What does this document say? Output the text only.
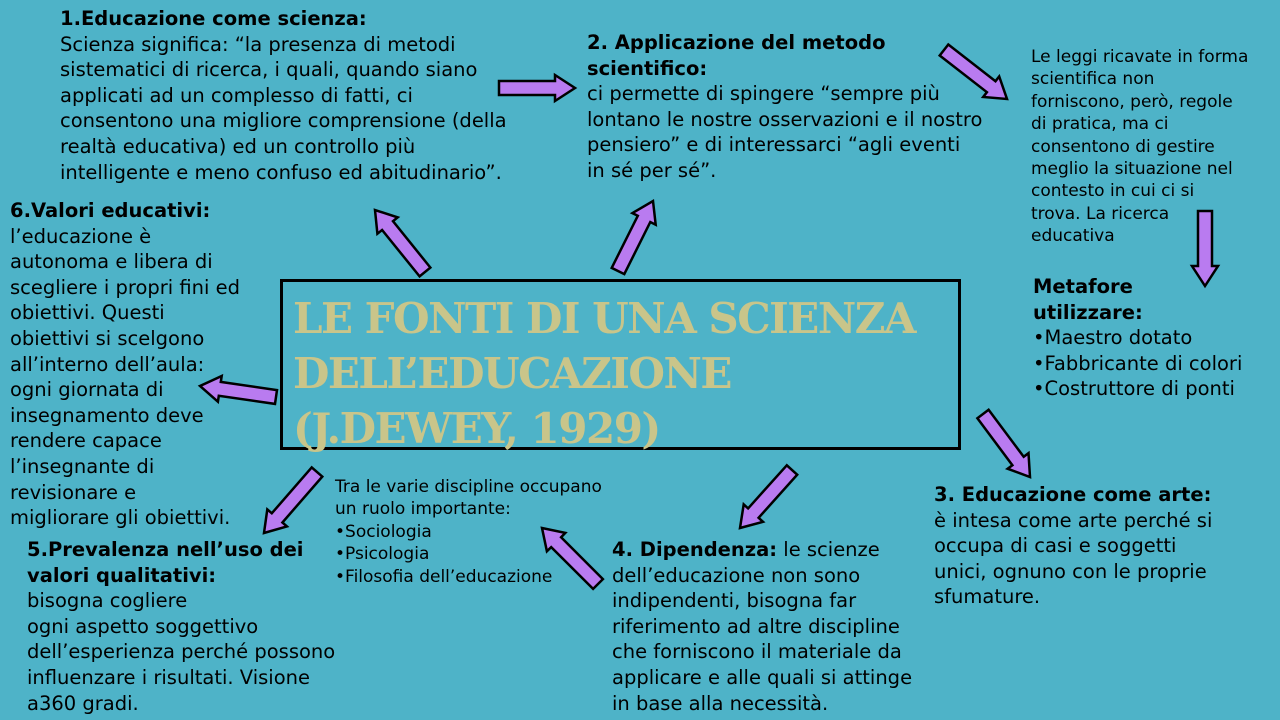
LE FONTI DI UNA SCIENZA
DELL’EDUCAZIONE
(J.DEWEY, 1929)
1.Educazione come scienza:
Scienza significa: “la presenza di metodi
sistematici di ricerca, i quali, quando siano
applicati ad un complesso di fatti, ci
consentono una migliore comprensione (della
realtà educativa) ed un controllo più
intelligente e meno confuso ed abitudinario”.
2. Applicazione del metodo
scientifico:
ci permette di spingere “sempre più
lontano le nostre osservazioni e il nostro
pensiero” e di interessarci “agli eventi
in sé per sé”.
Le leggi ricavate in forma
scientifica non
forniscono, però, regole
di pratica, ma ci
consentono di gestire
meglio la situazione nel
contesto in cui ci si
trova. La ricerca
educativa
Metafore
utilizzare:
•Maestro dotato
•Fabbricante di colori
•Costruttore di ponti
3. Educazione come arte:
è intesa come arte perché si
occupa di casi e soggetti
unici, ognuno con le proprie
sfumature.
4. Dipendenza: le scienze
dell’educazione non sono
indipendenti, bisogna far
riferimento ad altre discipline
che forniscono il materiale da
applicare e alle quali si attinge
in base alla necessità.
Tra le varie discipline occupano
un ruolo importante:
•Sociologia
•Psicologia
•Filosofia dell’educazione
5.Prevalenza nell’uso dei
valori qualitativi:
bisogna cogliere
ogni aspetto soggettivo
dell’esperienza perché possono
influenzare i risultati. Visione
a360 gradi.
6.Valori educativi:
l’educazione è
autonoma e libera di
scegliere i propri fini ed
obiettivi. Questi
obiettivi si scelgono
all’interno dell’aula:
ogni giornata di
insegnamento deve
rendere capace
l’insegnante di
revisionare e
migliorare gli obiettivi.
